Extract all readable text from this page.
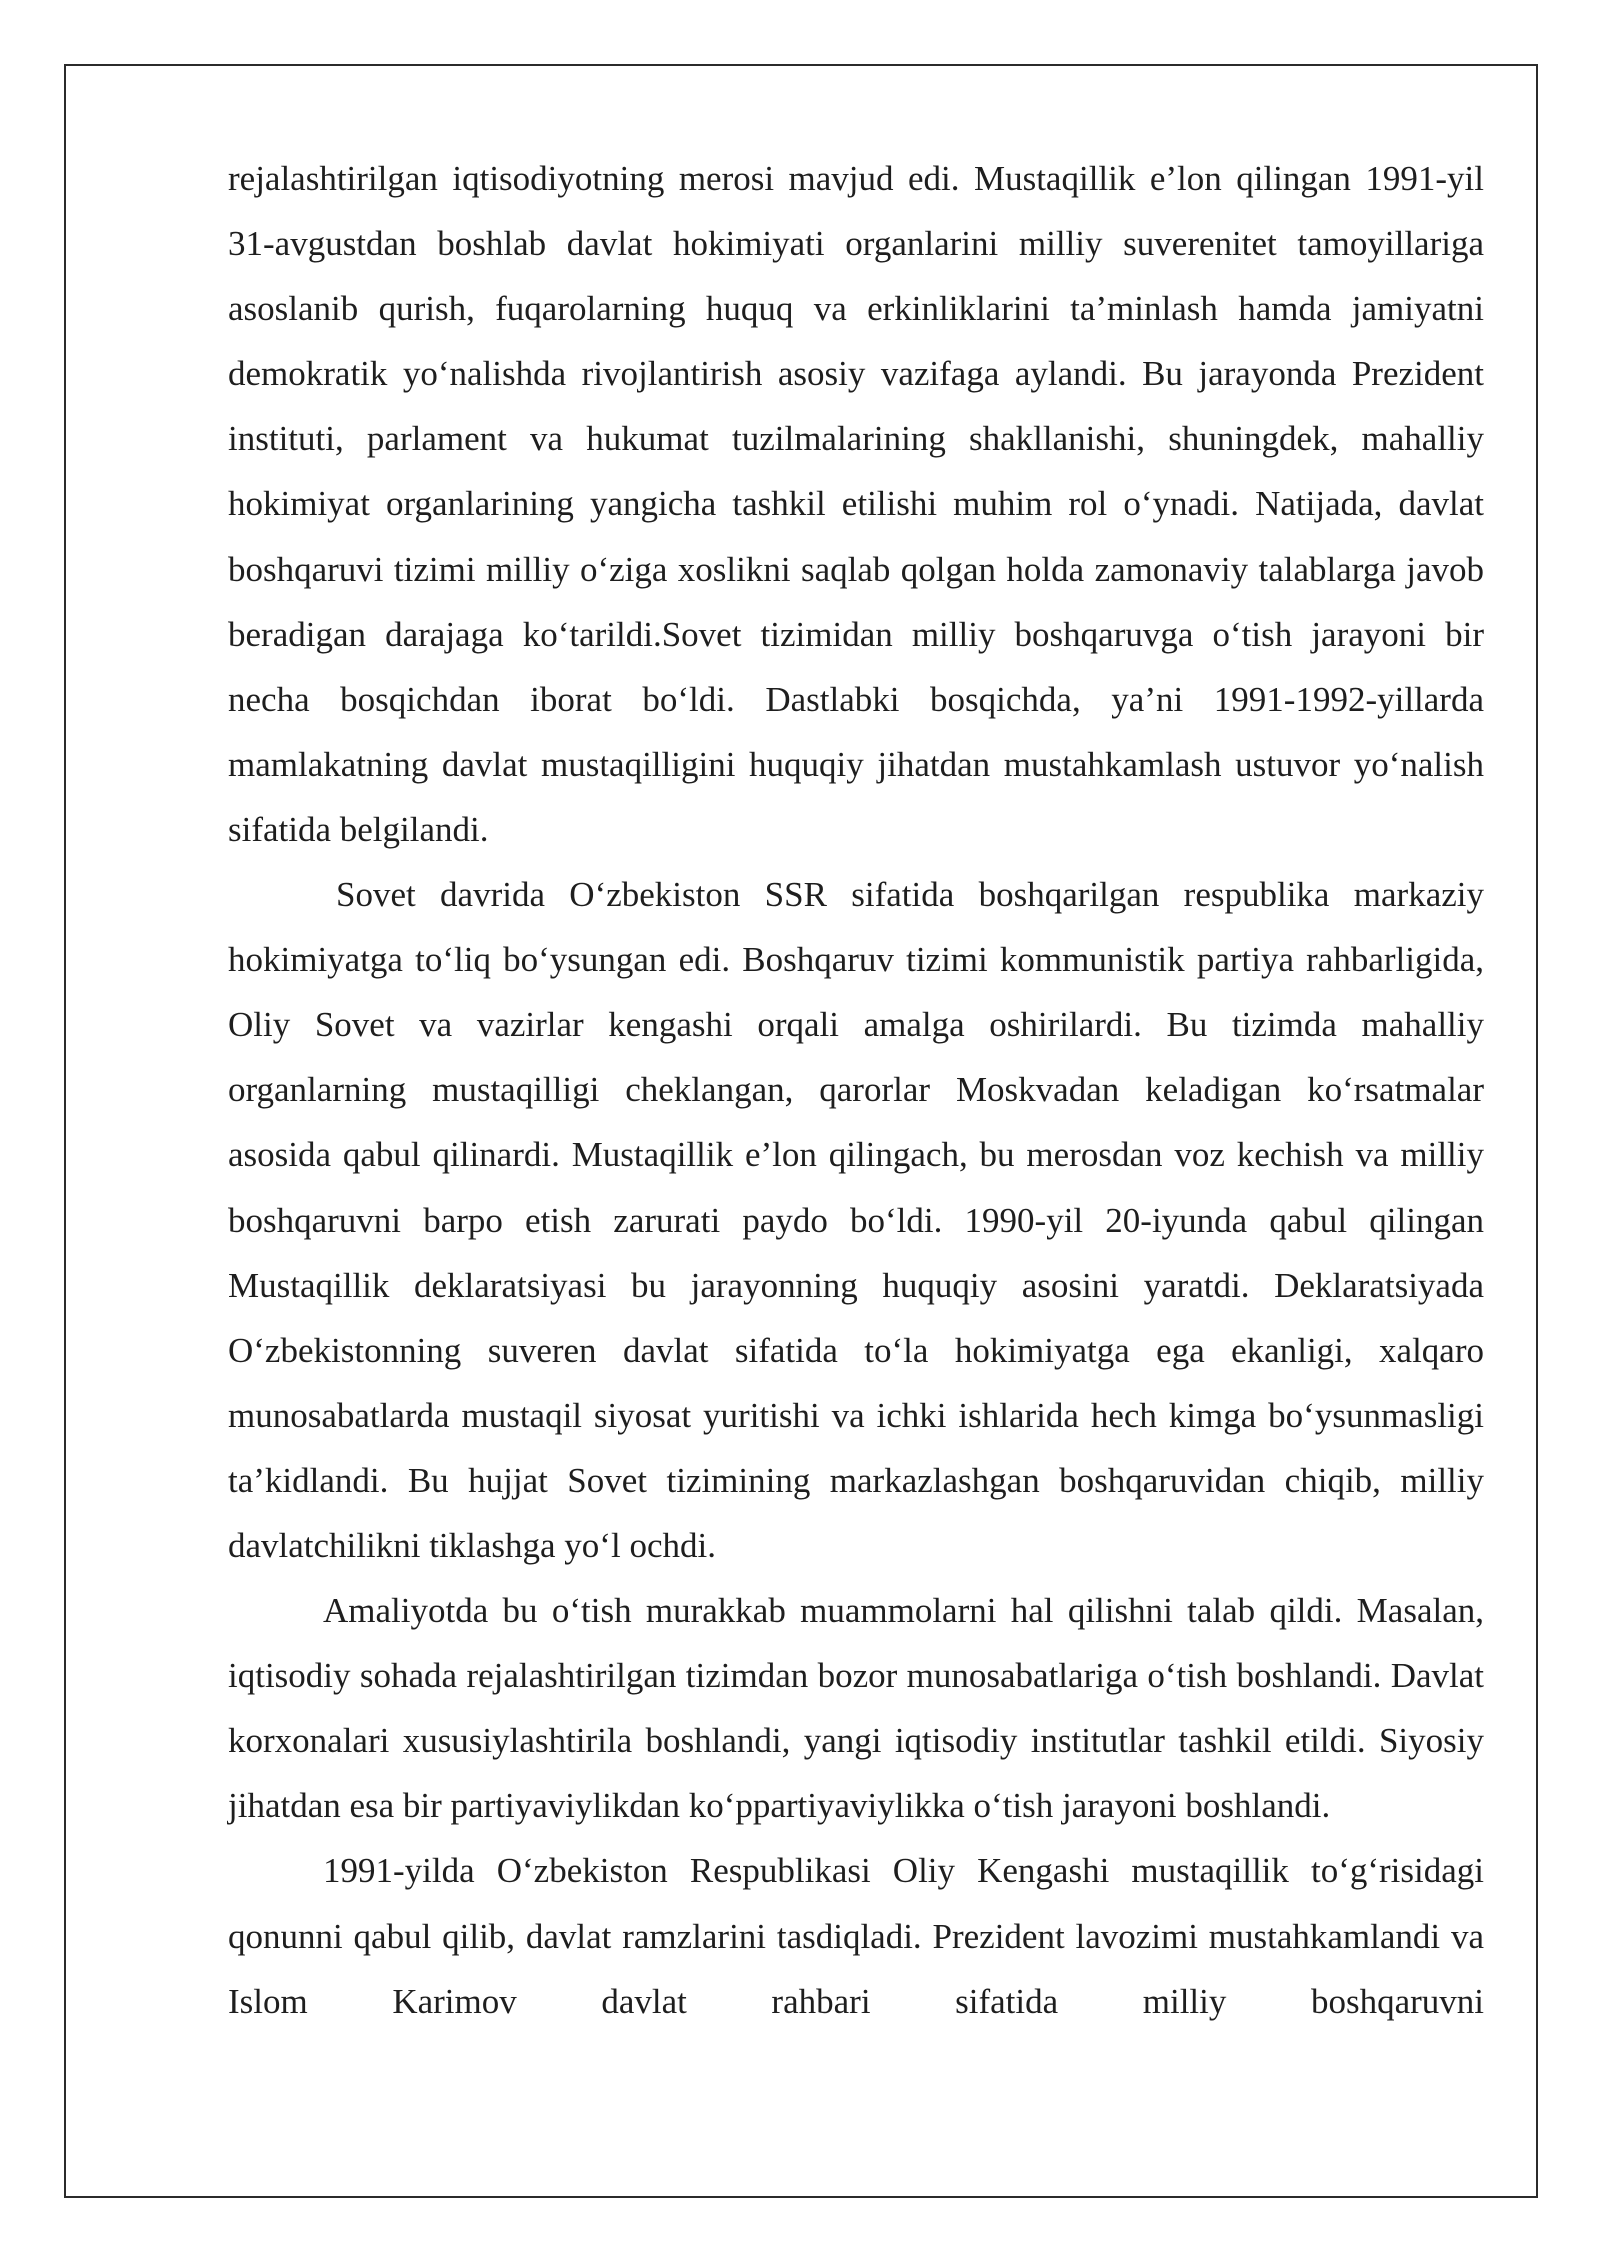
rejalashtirilgan iqtisodiyotning merosi mavjud edi. Mustaqillik e’lon qilingan 1991-yil 31-avgustdan boshlab davlat hokimiyati organlarini milliy suverenitet tamoyillariga asoslanib qurish, fuqarolarning huquq va erkinliklarini ta’minlash hamda jamiyatni demokratik yo‘nalishda rivojlantirish asosiy vazifaga aylandi. Bu jarayonda Prezident instituti, parlament va hukumat tuzilmalarining shakllanishi, shuningdek, mahalliy hokimiyat organlarining yangicha tashkil etilishi muhim rol o‘ynadi. Natijada, davlat boshqaruvi tizimi milliy o‘ziga xoslikni saqlab qolgan holda zamonaviy talablarga javob beradigan darajaga ko‘tarildi.Sovet tizimidan milliy boshqaruvga o‘tish jarayoni bir necha bosqichdan iborat bo‘ldi. Dastlabki bosqichda, ya’ni 1991-1992-yillarda mamlakatning davlat mustaqilligini huquqiy jihatdan mustahkamlash ustuvor yo‘nalish sifatida belgilandi.

Sovet davrida O‘zbekiston SSR sifatida boshqarilgan respublika markaziy hokimiyatga to‘liq bo‘ysungan edi. Boshqaruv tizimi kommunistik partiya rahbarligida, Oliy Sovet va vazirlar kengashi orqali amalga oshirilardi. Bu tizimda mahalliy organlarning mustaqilligi cheklangan, qarorlar Moskvadan keladigan ko‘rsatmalar asosida qabul qilinardi. Mustaqillik e’lon qilingach, bu merosdan voz kechish va milliy boshqaruvni barpo etish zarurati paydo bo‘ldi. 1990-yil 20-iyunda qabul qilingan Mustaqillik deklaratsiyasi bu jarayonning huquqiy asosini yaratdi. Deklaratsiyada O‘zbekistonning suveren davlat sifatida to‘la hokimiyatga ega ekanligi, xalqaro munosabatlarda mustaqil siyosat yuritishi va ichki ishlarida hech kimga bo‘ysunmasligi ta’kidlandi. Bu hujjat Sovet tizimining markazlashgan boshqaruvidan chiqib, milliy davlatchilikni tiklashga yo‘l ochdi.

Amaliyotda bu o‘tish murakkab muammolarni hal qilishni talab qildi. Masalan, iqtisodiy sohada rejalashtirilgan tizimdan bozor munosabatlariga o‘tish boshlandi. Davlat korxonalari xususiylashtirila boshlandi, yangi iqtisodiy institutlar tashkil etildi. Siyosiy jihatdan esa bir partiyaviylikdan ko‘ppartiyaviylikka o‘tish jarayoni boshlandi.

1991-yilda O‘zbekiston Respublikasi Oliy Kengashi mustaqillik to‘g‘risidagi qonunni qabul qilib, davlat ramzlarini tasdiqladi. Prezident lavozimi mustahkamlandi va Islom Karimov davlat rahbari sifatida milliy boshqaruvni
